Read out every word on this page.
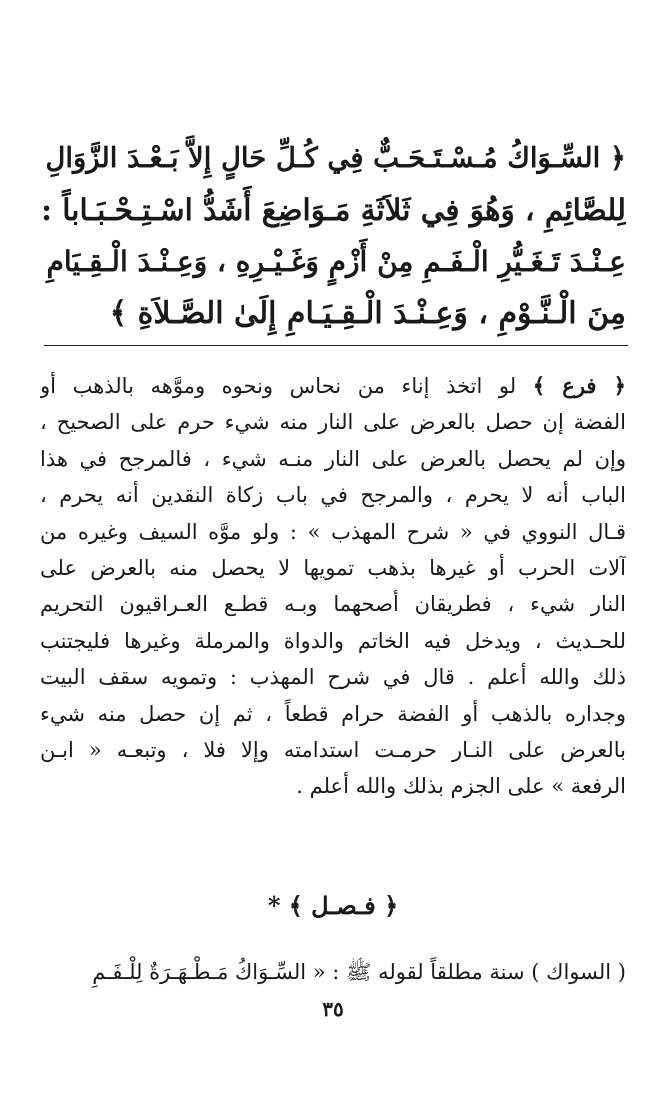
﴿ السِّـوَاكُ مُـسْـتَـحَـبٌّ فِي كُـلِّ حَالٍ إِلاَّ بَـعْـدَ الزَّوَالِ
لِلصَّائِمِ ، وَهُوَ فِي ثَلاَثَةِ مَـوَاضِعَ أَشَدُّ اسْـتِـحْـبَـاباً :
عِـنْـدَ تَـغَـيُّرِ الْـفَـمِ مِنْ أَزْمٍ وَغَـيْـرِهِ ، وَعِـنْـدَ الْـقِـيَامِ
مِنَ الْـنَّـوْمِ ، وَعِـنْـدَ الْـقِـيَـامِ إِلَىٰ الصَّـلاَةِ ﴾
﴿ فرع ﴾ لو اتخذ إناء من نحاس ونحوه وموَّهه بالذهب أو
الفضة إن حصل بالعرض على النار منه شيء حرم على الصحيح ،
وإن لم يحصل بالعرض على النار منـه شيء ، فالمرجح في هذا
الباب أنه لا يحرم ، والمرجح في باب زكاة النقدين أنه يحرم ،
قـال النووي في « شرح المهذب » : ولو موَّه السيف وغيره من
آلات الحرب أو غيرها بذهب تمويها لا يحصل منه بالعرض على
النار شيء ، فطريقان أصحهما وبـه قطـع العـراقيون التحريم
للحـديث ، ويدخل فيه الخاتم والدواة والمرملة وغيرها فليجتنب
ذلك والله أعلم . قال في شرح المهذب : وتمويه سقف البيت
وجداره بالذهب أو الفضة حرام قطعاً ، ثم إن حصل منه شيء
بالعرض على النـار حرمـت استدامته وإلا فلا ، وتبعـه « ابـن
الرفعة » على الجزم بذلك والله أعلم .
﴿ فـصـل ﴾ *
( السواك ) سنة مطلقاً لقوله ﷺ : « السِّـوَاكُ مَـطْـهَـرَةٌ لِلْـفَـمِ
٣٥
